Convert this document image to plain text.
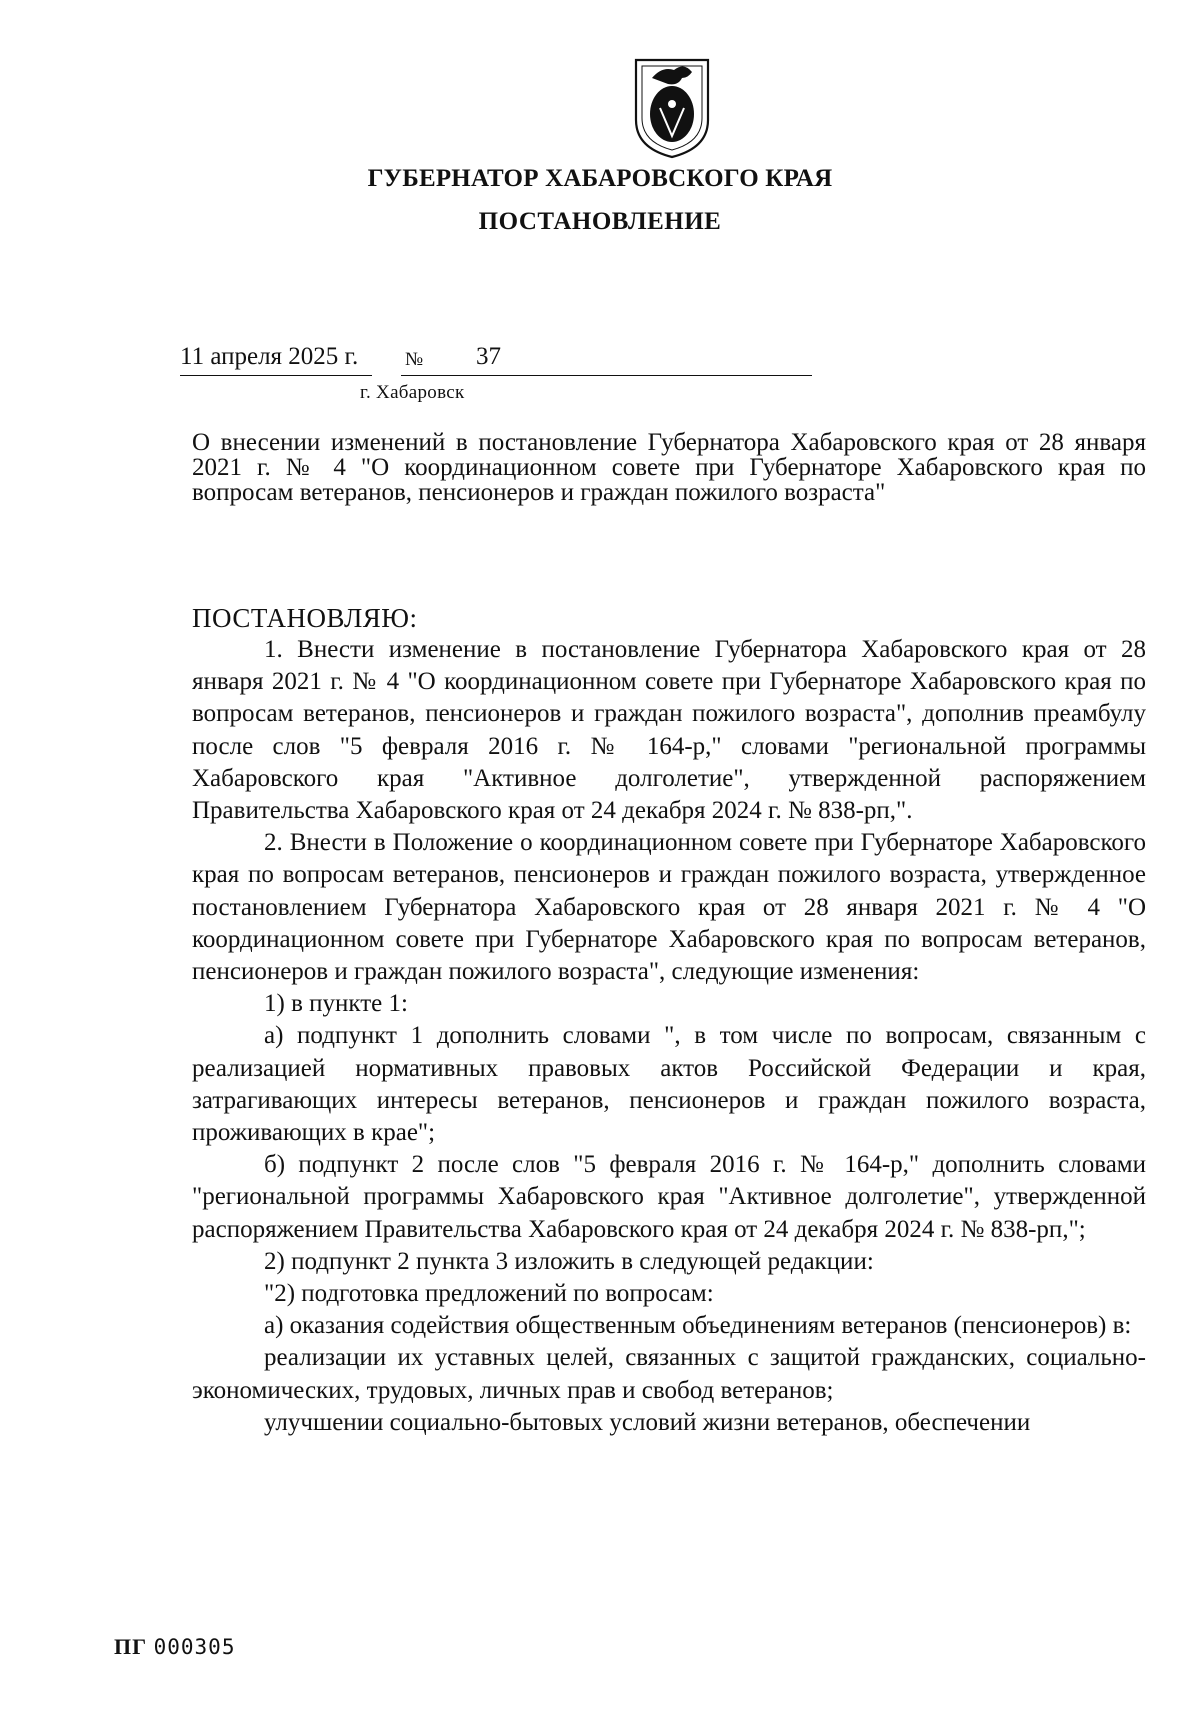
ГУБЕРНАТОР ХАБАРОВСКОГО КРАЯ
ПОСТАНОВЛЕНИЕ
11 апреля 2025 г. № 37
г. Хабаровск
О внесении изменений в постановление Губернатора Хабаровского края от 28 января 2021 г. № 4 "О координационном совете при Губернаторе Хабаровского края по вопросам ветеранов, пенсионеров и граждан пожилого возраста"
ПОСТАНОВЛЯЮ:

1. Внести изменение в постановление Губернатора Хабаровского края от 28 января 2021 г. № 4 "О координационном совете при Губернаторе Хабаровского края по вопросам ветеранов, пенсионеров и граждан пожилого возраста", дополнив преамбулу после слов "5 февраля 2016 г. № 164-р," словами "региональной программы Хабаровского края "Активное долголетие", утвержденной распоряжением Правительства Хабаровского края от 24 декабря 2024 г. № 838-рп,".

2. Внести в Положение о координационном совете при Губернаторе Хабаровского края по вопросам ветеранов, пенсионеров и граждан пожилого возраста, утвержденное постановлением Губернатора Хабаровского края от 28 января 2021 г. № 4 "О координационном совете при Губернаторе Хабаровского края по вопросам ветеранов, пенсионеров и граждан пожилого возраста", следующие изменения:

1) в пункте 1:

а) подпункт 1 дополнить словами ", в том числе по вопросам, связанным с реализацией нормативных правовых актов Российской Федерации и края, затрагивающих интересы ветеранов, пенсионеров и граждан пожилого возраста, проживающих в крае";

б) подпункт 2 после слов "5 февраля 2016 г. № 164-р," дополнить словами "региональной программы Хабаровского края "Активное долголетие", утвержденной распоряжением Правительства Хабаровского края от 24 декабря 2024 г. № 838-рп,";

2) подпункт 2 пункта 3 изложить в следующей редакции:

"2) подготовка предложений по вопросам:

а) оказания содействия общественным объединениям ветеранов (пенсионеров) в:

реализации их уставных целей, связанных с защитой гражданских, социально-экономических, трудовых, личных прав и свобод ветеранов;

улучшении социально-бытовых условий жизни ветеранов, обеспечении

ПГ 000305
